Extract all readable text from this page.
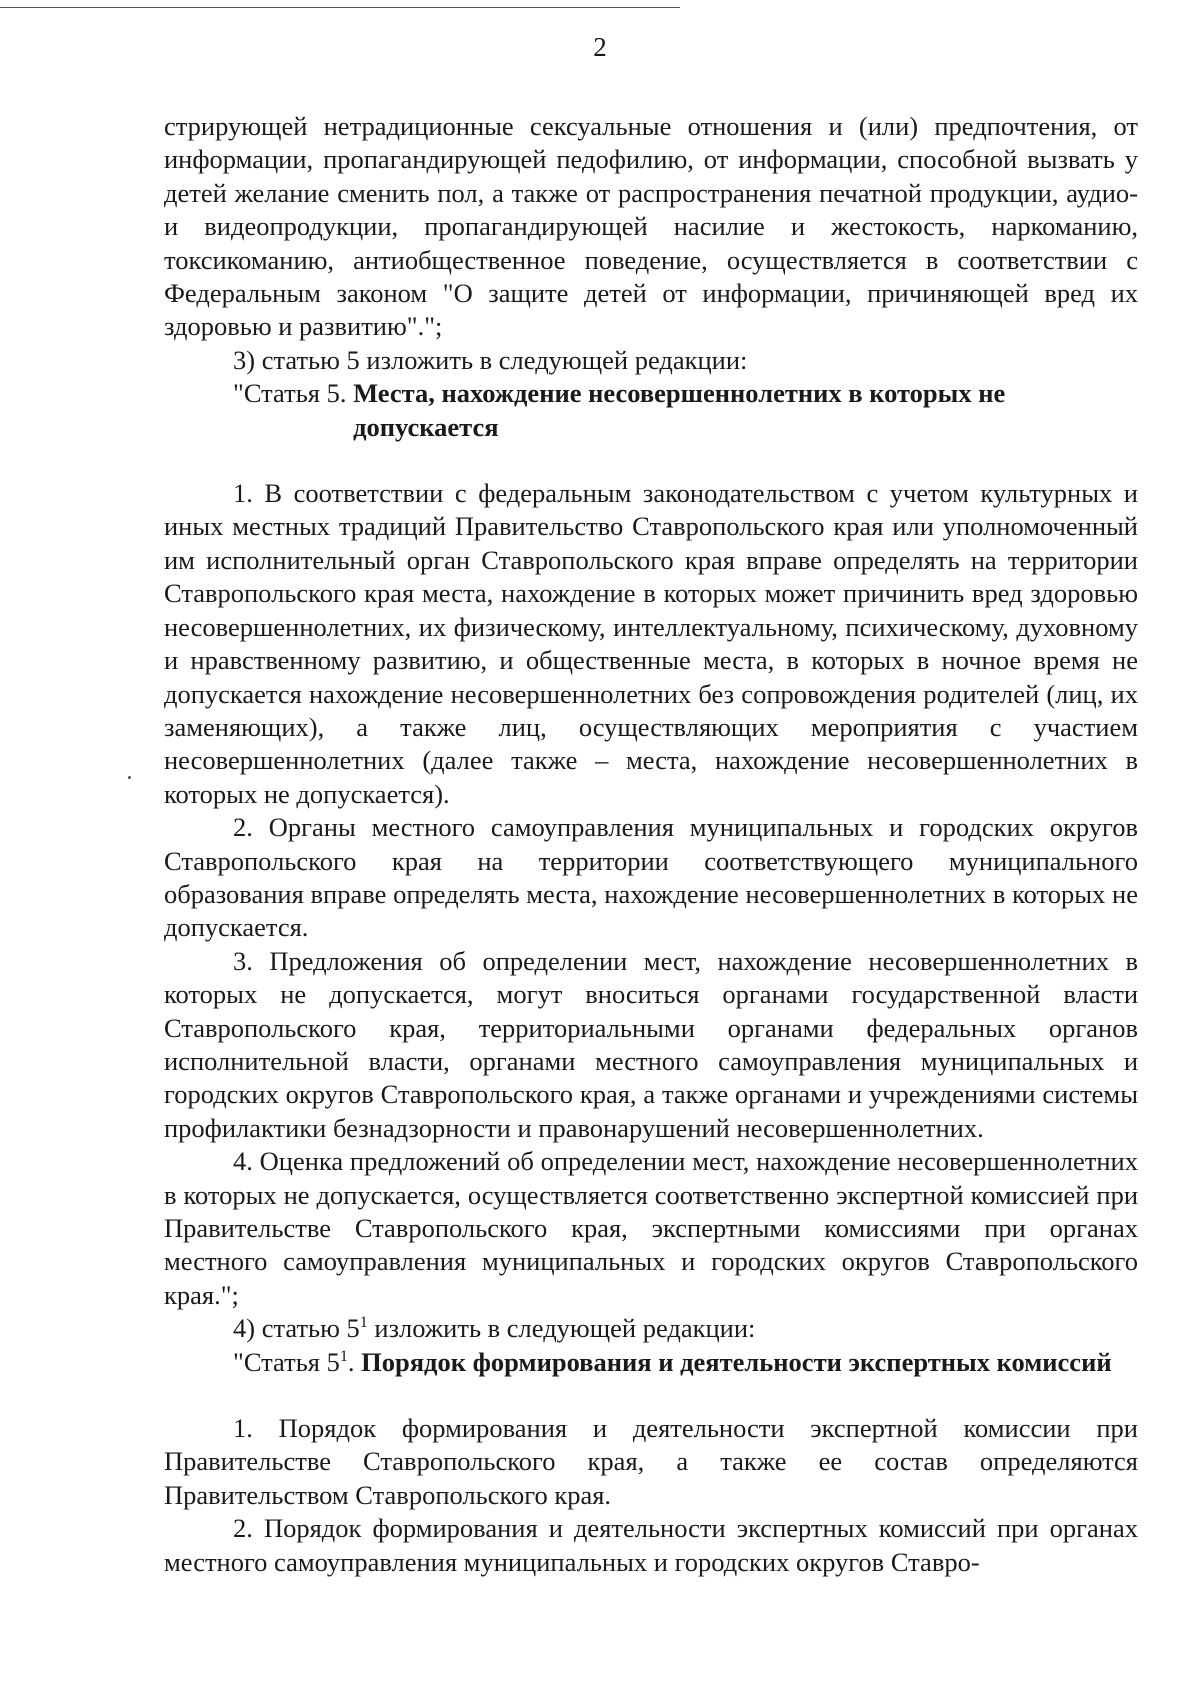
2

стрирующей нетрадиционные сексуальные отношения и (или) предпочтения, от информации, пропагандирующей педофилию, от информации, способной вызвать у детей желание сменить пол, а также от распространения печатной продукции, аудио- и видеопродукции, пропагандирующей насилие и жестокость, наркоманию, токсикоманию, антиобщественное поведение, осуществляется в соответствии с Федеральным законом "О защите детей от информации, причиняющей вред их здоровью и развитию".";

3) статью 5 изложить в следующей редакции:

"Статья 5. Места, нахождение несовершеннолетних в которых не допускается

1. В соответствии с федеральным законодательством с учетом культурных и иных местных традиций Правительство Ставропольского края или уполномоченный им исполнительный орган Ставропольского края вправе определять на территории Ставропольского края места, нахождение в которых может причинить вред здоровью несовершеннолетних, их физическому, интеллектуальному, психическому, духовному и нравственному развитию, и общественные места, в которых в ночное время не допускается нахождение несовершеннолетних без сопровождения родителей (лиц, их заменяющих), а также лиц, осуществляющих мероприятия с участием несовершеннолетних (далее также – места, нахождение несовершеннолетних в которых не допускается).

2. Органы местного самоуправления муниципальных и городских округов Ставропольского края на территории соответствующего муниципального образования вправе определять места, нахождение несовершеннолетних в которых не допускается.

3. Предложения об определении мест, нахождение несовершеннолетних в которых не допускается, могут вноситься органами государственной власти Ставропольского края, территориальными органами федеральных органов исполнительной власти, органами местного самоуправления муниципальных и городских округов Ставропольского края, а также органами и учреждениями системы профилактики безнадзорности и правонарушений несовершеннолетних.

4. Оценка предложений об определении мест, нахождение несовершеннолетних в которых не допускается, осуществляется соответственно экспертной комиссией при Правительстве Ставропольского края, экспертными комиссиями при органах местного самоуправления муниципальных и городских округов Ставропольского края.";

4) статью $5^1$ изложить в следующей редакции:

"Статья $5^1$. Порядок формирования и деятельности экспертных комиссий

1. Порядок формирования и деятельности экспертной комиссии при Правительстве Ставропольского края, а также ее состав определяются Правительством Ставропольского края.

2. Порядок формирования и деятельности экспертных комиссий при органах местного самоуправления муниципальных и городских округов Ставро-
